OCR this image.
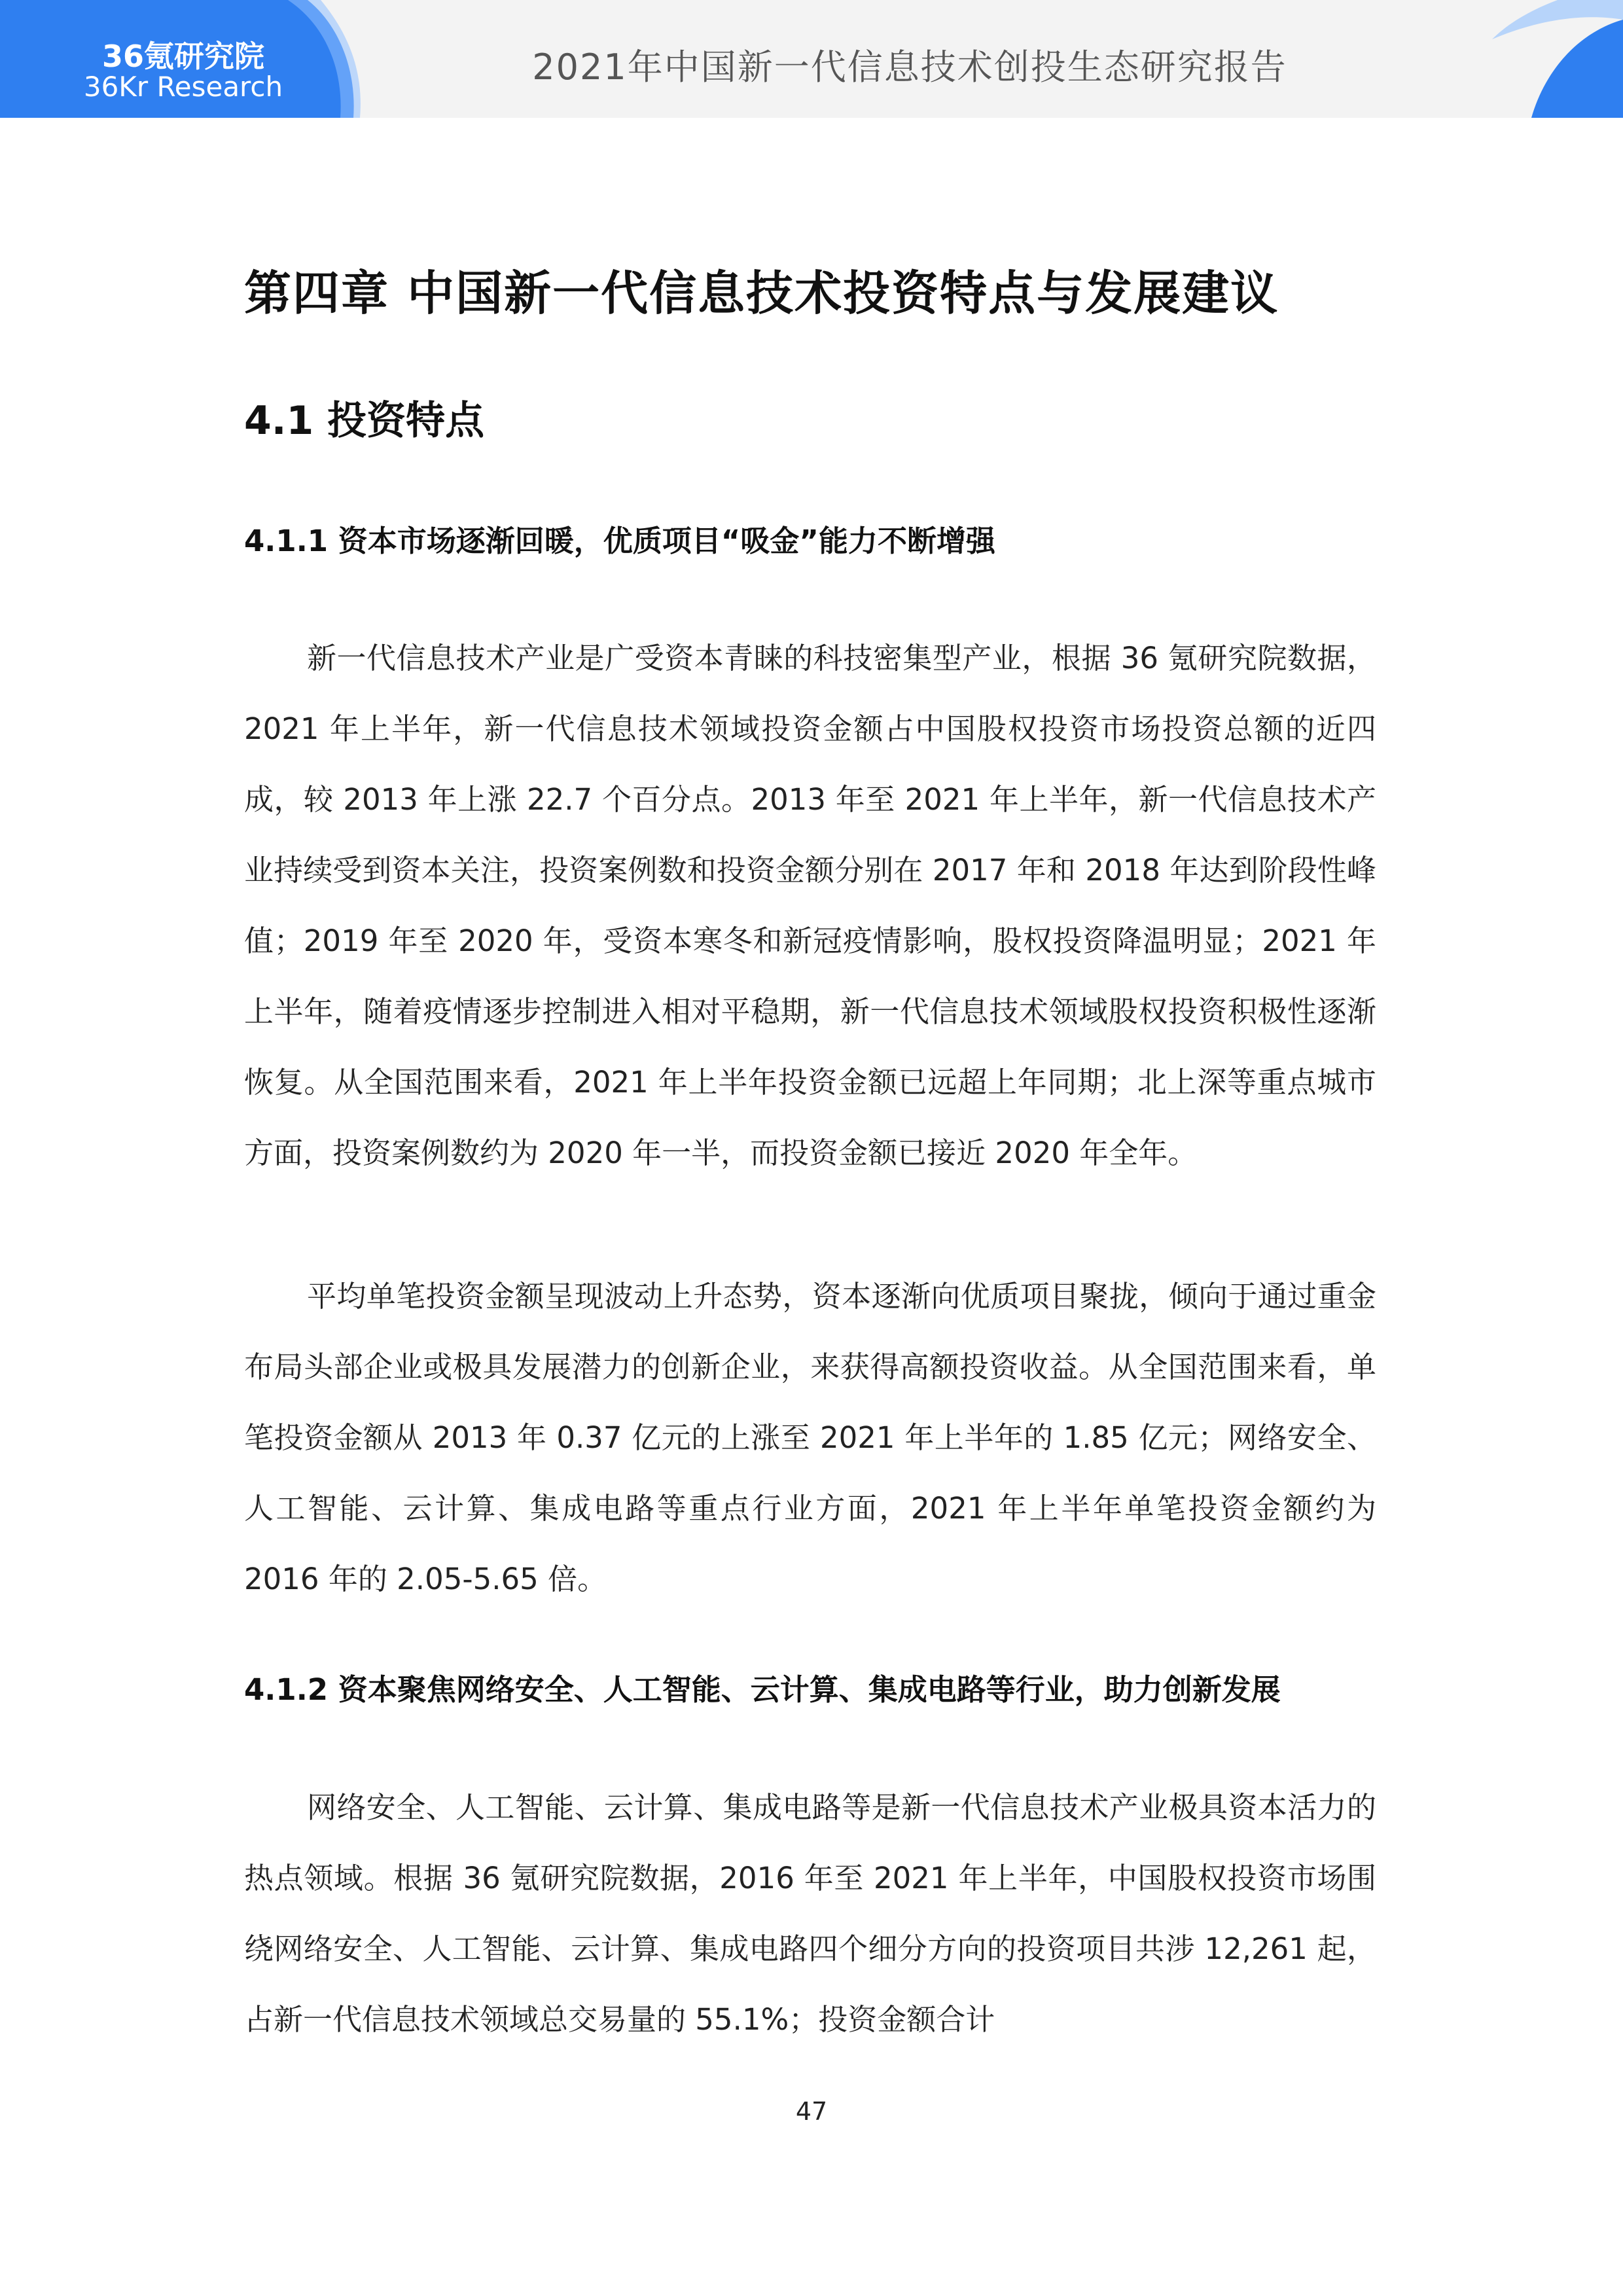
36氪研究院
36Kr Research	2021年中国新一代信息技术创投生态研究报告
第四章 中国新一代信息技术投资特点与发展建议
4.1 投资特点
4.1.1 资本市场逐渐回暖，优质项目“吸金”能力不断增强

新一代信息技术产业是广受资本青睐的科技密集型产业，根据 36 氪研究院数据，2021 年上半年，新一代信息技术领域投资金额占中国股权投资市场投资总额的近四成，较 2013 年上涨 22.7 个百分点。2013 年至 2021 年上半年，新一代信息技术产业持续受到资本关注，投资案例数和投资金额分别在 2017 年和 2018 年达到阶段性峰值；2019 年至 2020 年，受资本寒冬和新冠疫情影响，股权投资降温明显；2021 年上半年，随着疫情逐步控制进入相对平稳期，新一代信息技术领域股权投资积极性逐渐恢复。从全国范围来看，2021 年上半年投资金额已远超上年同期；北上深等重点城市方面，投资案例数约为 2020 年一半，而投资金额已接近 2020 年全年。

平均单笔投资金额呈现波动上升态势，资本逐渐向优质项目聚拢，倾向于通过重金布局头部企业或极具发展潜力的创新企业，来获得高额投资收益。从全国范围来看，单笔投资金额从 2013 年 0.37 亿元的上涨至 2021 年上半年的 1.85 亿元；网络安全、人工智能、云计算、集成电路等重点行业方面，2021 年上半年单笔投资金额约为 2016 年的 2.05-5.65 倍。

4.1.2 资本聚焦网络安全、人工智能、云计算、集成电路等行业，助力创新发展

网络安全、人工智能、云计算、集成电路等是新一代信息技术产业极具资本活力的热点领域。根据 36 氪研究院数据，2016 年至 2021 年上半年，中国股权投资市场围绕网络安全、人工智能、云计算、集成电路四个细分方向的投资项目共涉 12,261 起，占新一代信息技术领域总交易量的 55.1%；投资金额合计

47
